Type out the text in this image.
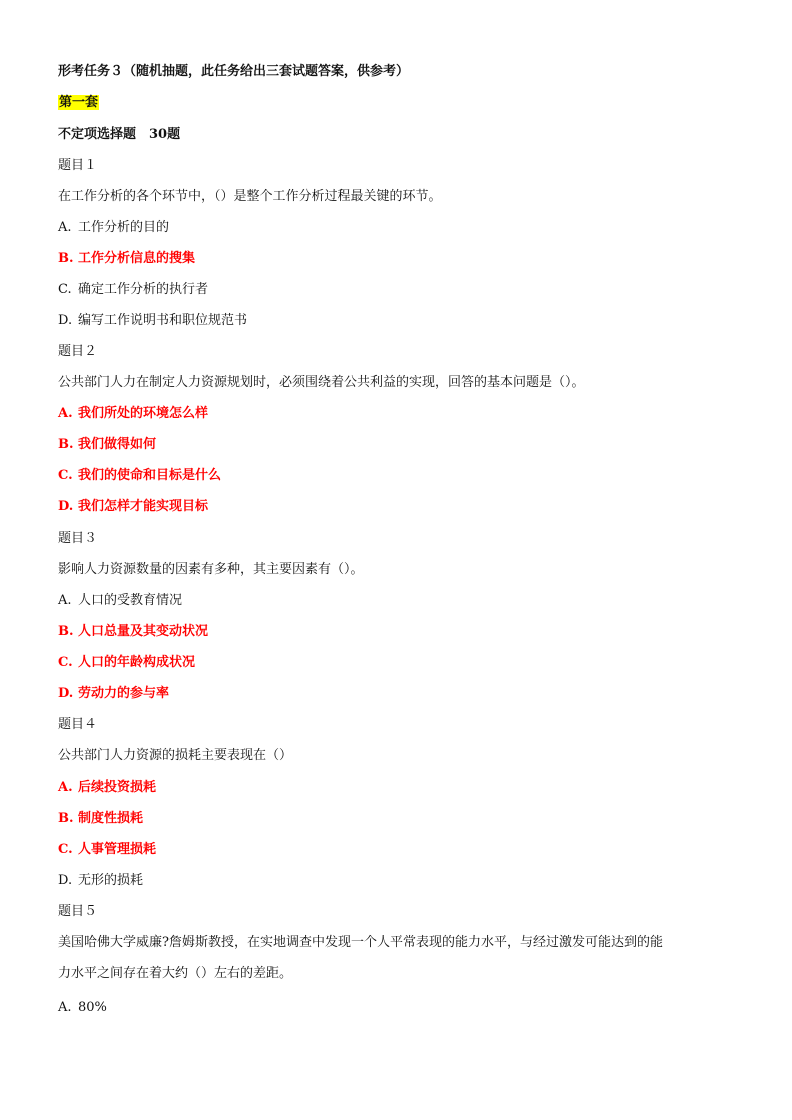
形考任务３（随机抽题，此任务给出三套试题答案，供参考）

第一套

不定项选择题　30题

题目１

在工作分析的各个环节中，（）是整个工作分析过程最关键的环节。

A. 工作分析的目的

B. 工作分析信息的搜集

C. 确定工作分析的执行者

D. 编写工作说明书和职位规范书

题目２

公共部门人力在制定人力资源规划时，必须围绕着公共利益的实现，回答的基本问题是（）。

A. 我们所处的环境怎么样

B. 我们做得如何

C. 我们的使命和目标是什么

D. 我们怎样才能实现目标

题目３

影响人力资源数量的因素有多种，其主要因素有（）。

A. 人口的受教育情况

B. 人口总量及其变动状况

C. 人口的年龄构成状况

D. 劳动力的参与率

题目４

公共部门人力资源的损耗主要表现在（）

A. 后续投资损耗

B. 制度性损耗

C. 人事管理损耗

D. 无形的损耗

题目５

美国哈佛大学威廉?詹姆斯教授，在实地调查中发现一个人平常表现的能力水平，与经过激发可能达到的能

力水平之间存在着大约（）左右的差距。

A. 80%
